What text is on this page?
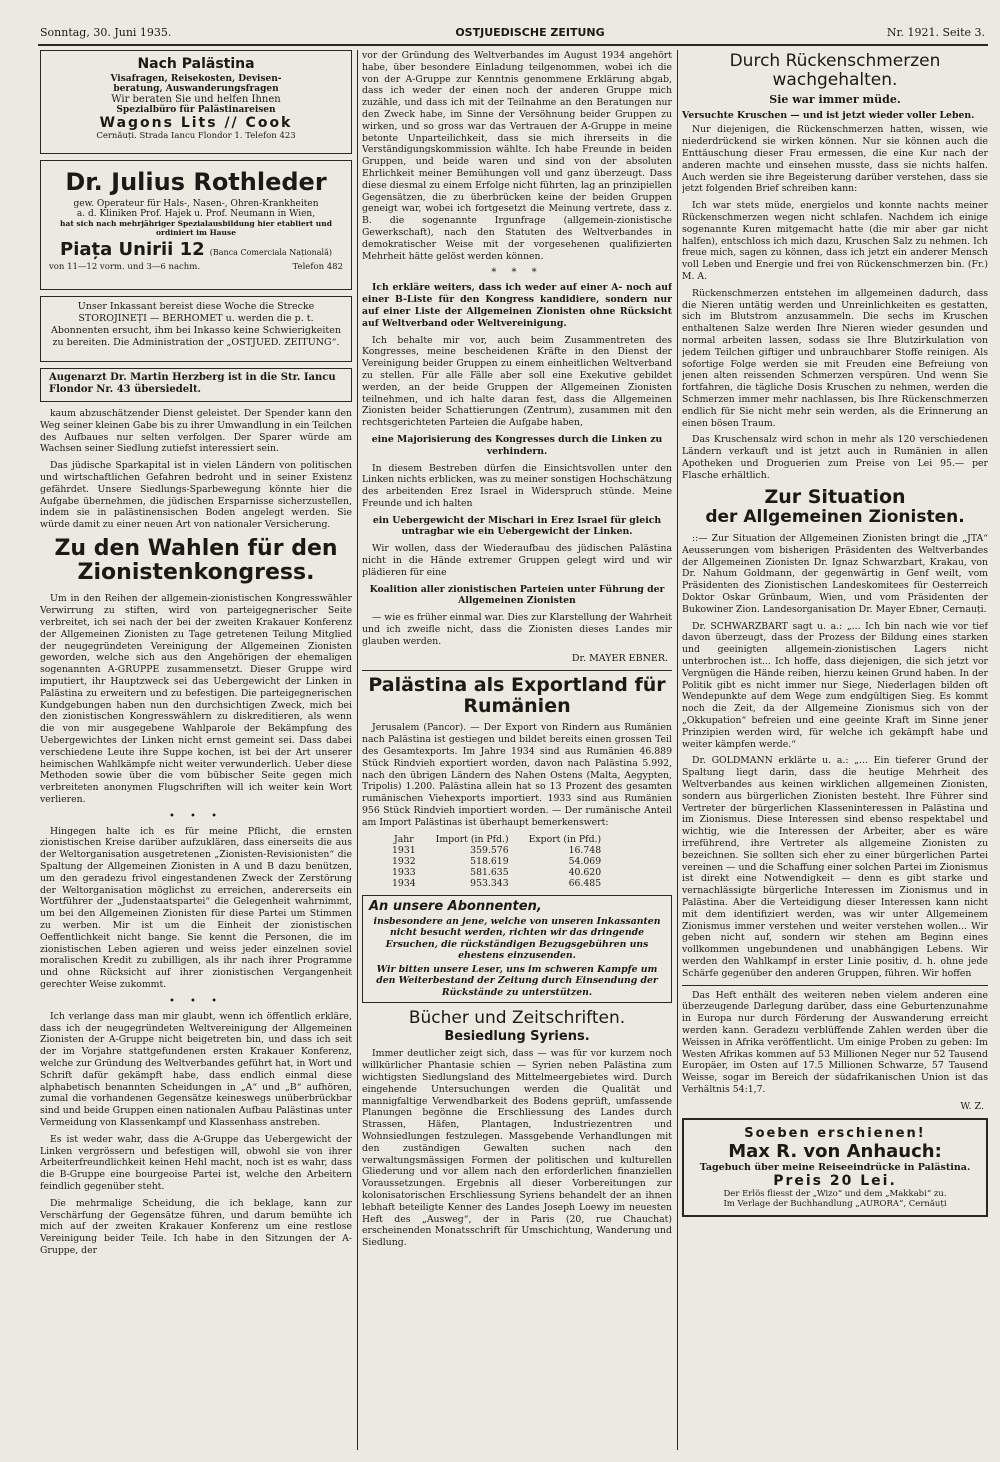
Sonntag, 30. Juni 1935.	OSTJUEDISCHE ZEITUNG	Nr. 1921. Seite 3.
Nach Palästina
Visafragen, Reisekosten, Devisen-
beratung, Auswanderungsfragen
Wir beraten Sie und helfen Ihnen
Spezialbüro für Palästinareisen
Wagons Lits // Cook
Cernăuți. Strada Iancu Flondor 1. Telefon 423
Dr. Julius Rothleder
gew. Operateur für Hals-, Nasen-, Ohren-Krankheiten
a. d. Kliniken Prof. Hajek u. Prof. Neumann in Wien,
hat sich nach mehrjähriger Spezialausbildung hier etabliert und ordiniert im Hause
Piața Unirii 12 (Banca Comerciala Națională)
von 11—12 vorm. und 3—6 nachm.	Telefon 482
Unser Inkassant bereist diese Woche die Strecke STOROJINEȚI — BERHOMET u. werden die p. t. Abonnenten ersucht, ihm bei Inkasso keine Schwierigkeiten zu bereiten. Die Administration der „OSTJUED. ZEITUNG“.
Augenarzt Dr. Martin Herzberg ist in die Str. Iancu Flondor Nr. 43 übersiedelt.

kaum abzuschätzender Dienst geleistet. Der Spender kann den Weg seiner kleinen Gabe bis zu ihrer Umwandlung in ein Teilchen des Aufbaues nur selten verfolgen. Der Sparer würde am Wachsen seiner Siedlung zutiefst interessiert sein.

Das jüdische Sparkapital ist in vielen Ländern von politischen und wirtschaftlichen Gefahren bedroht und in seiner Existenz gefährdet. Unsere Siedlungs-Sparbewegung könnte hier die Aufgabe übernehmen, die jüdischen Ersparnisse sicherzustellen, indem sie in palästinensischen Boden angelegt werden. Sie würde damit zu einer neuen Art von nationaler Versicherung.

Zu den Wahlen für den Zionistenkongress.

Um in den Reihen der allgemein-zionistischen Kongresswähler Verwirrung zu stiften, wird von parteigegnerischer Seite verbreitet, ich sei nach der bei der zweiten Krakauer Konferenz der Allgemeinen Zionisten zu Tage getretenen Teilung Mitglied der neugegründeten Vereinigung der Allgemeinen Zionisten geworden, welche sich aus den Angehörigen der ehemaligen sogenannten A-GRUPPE zusammensetzt. Dieser Gruppe wird imputiert, ihr Hauptzweck sei das Uebergewicht der Linken in Palästina zu erweitern und zu befestigen. Die parteigegnerischen Kundgebungen haben nun den durchsichtigen Zweck, mich bei den zionistischen Kongresswählern zu diskreditieren, als wenn die von mir ausgegebene Wahlparole der Bekämpfung des Uebergewichtes der Linken nicht ernst gemeint sei. Dass dabei verschiedene Leute ihre Suppe kochen, ist bei der Art unserer heimischen Wahlkämpfe nicht weiter verwunderlich. Ueber diese Methoden sowie über die vom bübischer Seite gegen mich verbreiteten anonymen Flugschriften will ich weiter kein Wort verlieren.

• • •

Hingegen halte ich es für meine Pflicht, die ernsten zionistischen Kreise darüber aufzuklären, dass einerseits die aus der Weltorganisation ausgetretenen „Zionisten-Revisionisten“ die Spaltung der Allgemeinen Zionisten in A und B dazu benützen, um den geradezu frivol eingestandenen Zweck der Zerstörung der Weltorganisation möglichst zu erreichen, andererseits ein Wortführer der „Judenstaatspartei“ die Gelegenheit wahrnimmt, um bei den Allgemeinen Zionisten für diese Partei um Stimmen zu werben. Mir ist um die Einheit der zionistischen Oeffentlichkeit nicht bange. Sie kennt die Personen, die im zionistischen Leben agieren und weiss jeder einzelnen soviel moralischen Kredit zu zubilligen, als ihr nach ihrer Programme und ohne Rücksicht auf ihrer zionistischen Vergangenheit gerechter Weise zukommt.

• • •

Ich verlange dass man mir glaubt, wenn ich öffentlich erkläre, dass ich der neugegründeten Weltvereinigung der Allgemeinen Zionisten der A-Gruppe nicht beigetreten bin, und dass ich seit der im Vorjahre stattgefundenen ersten Krakauer Konferenz, welche zur Gründung des Weltverbandes geführt hat, in Wort und Schrift dafür gekämpft habe, dass endlich einmal diese alphabetisch benannten Scheidungen in „A“ und „B“ aufhören, zumal die vorhandenen Gegensätze keineswegs unüberbrückbar sind und beide Gruppen einen nationalen Aufbau Palästinas unter Vermeidung von Klassenkampf und Klassenhass anstreben.

Es ist weder wahr, dass die A-Gruppe das Uebergewicht der Linken vergrössern und befestigen will, obwohl sie von ihrer Arbeiterfreundlichkeit keinen Hehl macht, noch ist es wahr, dass die B-Gruppe eine bourgeoise Partei ist, welche den Arbeitern feindlich gegenüber steht.

Die mehrmalige Scheidung, die ich beklage, kann zur Verschärfung der Gegensätze führen, und darum bemühte ich mich auf der zweiten Krakauer Konferenz um eine restlose Vereinigung beider Teile. Ich habe in den Sitzungen der A-Gruppe, der

vor der Gründung des Weltverbandes im August 1934 angehört habe, über besondere Einladung teilgenommen, wobei ich die von der A-Gruppe zur Kenntnis genommene Erklärung abgab, dass ich weder der einen noch der anderen Gruppe mich zuzähle, und dass ich mit der Teilnahme an den Beratungen nur den Zweck habe, im Sinne der Versöhnung beider Gruppen zu wirken, und so gross war das Vertrauen der A-Gruppe in meine betonte Unparteilichkeit, dass sie mich ihrerseits in die Verständigungskommission wählte. Ich habe Freunde in beiden Gruppen, und beide waren und sind von der absoluten Ehrlichkeit meiner Bemühungen voll und ganz überzeugt. Dass diese diesmal zu einem Erfolge nicht führten, lag an prinzipiellen Gegensätzen, die zu überbrücken keine der beiden Gruppen geneigt war, wobei ich fortgesetzt die Meinung vertrete, dass z. B. die sogenannte Irgunfrage (allgemein-zionistische Gewerkschaft), nach den Statuten des Weltverbandes in demokratischer Weise mit der vorgesehenen qualifizierten Mehrheit hätte gelöst werden können.

* * *

Ich erkläre weiters, dass ich weder auf einer A- noch auf einer B-Liste für den Kongress kandidiere, sondern nur auf einer Liste der Allgemeinen Zionisten ohne Rücksicht auf Weltverband oder Weltvereinigung.

Ich behalte mir vor, auch beim Zusammentreten des Kongresses, meine bescheidenen Kräfte in den Dienst der Vereinigung beider Gruppen zu einem einheitlichen Weltverband zu stellen. Für alle Fälle aber soll eine Exekutive gebildet werden, an der beide Gruppen der Allgemeinen Zionisten teilnehmen, und ich halte daran fest, dass die Allgemeinen Zionisten beider Schattierungen (Zentrum), zusammen mit den rechtsgerichteten Parteien die Aufgabe haben,

eine Majorisierung des Kongresses durch die Linken zu verhindern.

In diesem Bestreben dürfen die Einsichtsvollen unter den Linken nichts erblicken, was zu meiner sonstigen Hochschätzung des arbeitenden Erez Israel in Widerspruch stünde. Meine Freunde und ich halten

ein Uebergewicht der Mischari in Erez Israel für gleich untragbar wie ein Uebergewicht der Linken.

Wir wollen, dass der Wiederaufbau des jüdischen Palästina nicht in die Hände extremer Gruppen gelegt wird und wir plädieren für eine

Koalition aller zionistischen Parteien unter Führung der Allgemeinen Zionisten

— wie es früher einmal war. Dies zur Klarstellung der Wahrheit und ich zweifle nicht, dass die Zionisten dieses Landes mir glauben werden.

Dr. MAYER EBNER.
Palästina als Exportland für Rumänien

Jerusalem (Pancor). — Der Export von Rindern aus Rumänien nach Palästina ist gestiegen und bildet bereits einen grossen Teil des Gesamtexports. Im Jahre 1934 sind aus Rumänien 46.889 Stück Rindvieh exportiert worden, davon nach Palästina 5.992, nach den übrigen Ländern des Nahen Ostens (Malta, Aegypten, Tripolis) 1.200. Palästina allein hat so 13 Prozent des gesamten rumänischen Viehexports importiert. 1933 sind aus Rumänien 956 Stück Rindvieh importiert worden. — Der rumänische Anteil am Import Palästinas ist überhaupt bemerkenswert:

Jahr	Import (in Pfd.)	Export (in Pfd.)
1931	359.576	16.748
1932	518.619	54.069
1933	581.635	40.620
1934	953.343	66.485
An unsere Abonnenten,
insbesondere an jene, welche von unseren Inkassanten nicht besucht werden, richten wir das dringende Ersuchen, die rückständigen Bezugsgebühren uns ehestens einzusenden.
Wir bitten unsere Leser, uns im schweren Kampfe um den Weiterbestand der Zeitung durch Einsendung der Rückstände zu unterstützen.
Bücher und Zeitschriften.
Besiedlung Syriens.

Immer deutlicher zeigt sich, dass — was für vor kurzem noch willkürlicher Phantasie schien — Syrien neben Palästina zum wichtigsten Siedlungsland des Mittelmeergebietes wird. Durch eingehende Untersuchungen werden die Qualität und mannigfaltige Verwendbarkeit des Bodens geprüft, umfassende Planungen begönne die Erschliessung des Landes durch Strassen, Häfen, Plantagen, Industriezentren und Wohnsiedlungen festzulegen. Massgebende Verhandlungen mit den zuständigen Gewalten suchen nach den verwaltungsmässigen Formen der politischen und kulturellen Gliederung und vor allem nach den erforderlichen finanziellen Voraussetzungen. Ergebnis all dieser Vorbereitungen zur kolonisatorischen Erschliessung Syriens behandelt der an ihnen lebhaft beteiligte Kenner des Landes Joseph Loewy im neuesten Heft des „Ausweg“, der in Paris (20, rue Chauchat) erscheinenden Monatsschrift für Umschichtung, Wanderung und Siedlung.

Durch Rückenschmerzen wachgehalten.
Sie war immer müde.
Versuchte Kruschen — und ist jetzt wieder voller Leben.

Nur diejenigen, die Rückenschmerzen hatten, wissen, wie niederdrückend sie wirken können. Nur sie können auch die Enttäuschung dieser Frau ermessen, die eine Kur nach der anderen machte und einsehen musste, dass sie nichts halfen. Auch werden sie ihre Begeisterung darüber verstehen, dass sie jetzt folgenden Brief schreiben kann:

Ich war stets müde, energielos und konnte nachts meiner Rückenschmerzen wegen nicht schlafen. Nachdem ich einige sogenannte Kuren mitgemacht hatte (die mir aber gar nicht halfen), entschloss ich mich dazu, Kruschen Salz zu nehmen. Ich freue mich, sagen zu können, dass ich jetzt ein anderer Mensch voll Leben und Energie und frei von Rückenschmerzen bin. (Fr.) M. A.

Rückenschmerzen entstehen im allgemeinen dadurch, dass die Nieren untätig werden und Unreinlichkeiten es gestatten, sich im Blutstrom anzusammeln. Die sechs im Kruschen enthaltenen Salze werden Ihre Nieren wieder gesunden und normal arbeiten lassen, sodass sie Ihre Blutzirkulation von jedem Teilchen giftiger und unbrauchbarer Stoffe reinigen. Als sofortige Folge werden sie mit Freuden eine Befreiung von jenen alten reissenden Schmerzen verspüren. Und wenn Sie fortfahren, die tägliche Dosis Kruschen zu nehmen, werden die Schmerzen immer mehr nachlassen, bis Ihre Rückenschmerzen endlich für Sie nicht mehr sein werden, als die Erinnerung an einen bösen Traum.

Das Kruschensalz wird schon in mehr als 120 verschiedenen Ländern verkauft und ist jetzt auch in Rumänien in allen Apotheken und Droguerien zum Preise von Lei 95.— per Flasche erhältlich.

Zur Situation
der Allgemeinen Zionisten.

::— Zur Situation der Allgemeinen Zionisten bringt die „JTA“ Aeusserungen vom bisherigen Präsidenten des Weltverbandes der Allgemeinen Zionisten Dr. Ignaz Schwarzbart, Krakau, von Dr. Nahum Goldmann, der gegenwärtig in Genf weilt, vom Präsidenten des Zionistischen Landeskomitees für Oesterreich Doktor Oskar Grünbaum, Wien, und vom Präsidenten der Bukowiner Zion. Landesorganisation Dr. Mayer Ebner, Cernauți.

Dr. SCHWARZBART sagt u. a.: „... Ich bin nach wie vor tief davon überzeugt, dass der Prozess der Bildung eines starken und geeinigten allgemein-zionistischen Lagers nicht unterbrochen ist... Ich hoffe, dass diejenigen, die sich jetzt vor Vergnügen die Hände reiben, hierzu keinen Grund haben. In der Politik gibt es nicht immer nur Siege, Niederlagen bilden oft Wendepunkte auf dem Wege zum endgültigen Sieg. Es kommt noch die Zeit, da der Allgemeine Zionismus sich von der „Okkupation“ befreien und eine geeinte Kraft im Sinne jener Prinzipien werden wird, für welche ich gekämpft habe und weiter kämpfen werde.“

Dr. GOLDMANN erklärte u. a.: „... Ein tieferer Grund der Spaltung liegt darin, dass die heutige Mehrheit des Weltverbandes aus keinen wirklichen allgemeinen Zionisten, sondern aus bürgerlichen Zionisten besteht. Ihre Führer sind Vertreter der bürgerlichen Klasseninteressen in Palästina und im Zionismus. Diese Interessen sind ebenso respektabel und wichtig, wie die Interessen der Arbeiter, aber es wäre irreführend, ihre Vertreter als allgemeine Zionisten zu bezeichnen. Sie sollten sich eher zu einer bürgerlichen Partei vereinen — und die Schaffung einer solchen Partei im Zionismus ist direkt eine Notwendigkeit — denn es gibt starke und vernachlässigte bürgerliche Interessen im Zionismus und in Palästina. Aber die Verteidigung dieser Interessen kann nicht mit dem identifiziert werden, was wir unter Allgemeinem Zionismus immer verstehen und weiter verstehen wollen... Wir geben nicht auf, sondern wir stehen am Beginn eines vollkommen ungebundenen und unabhängigen Lebens. Wir werden den Wahlkampf in erster Linie positiv, d. h. ohne jede Schärfe gegenüber den anderen Gruppen, führen. Wir hoffen

Das Heft enthält des weiteren neben vielem anderen eine überzeugende Darlegung darüber, dass eine Geburtenzunahme in Europa nur durch Förderung der Auswanderung erreicht werden kann. Geradezu verblüffende Zahlen werden über die Weissen in Afrika veröffentlicht. Um einige Proben zu geben: Im Westen Afrikas kommen auf 53 Millionen Neger nur 52 Tausend Europäer, im Osten auf 17.5 Millionen Schwarze, 57 Tausend Weisse, sogar im Bereich der südafrikanischen Union ist das Verhältnis 54:1,7.

W. Z.
Soeben erschienen!
Max R. von Anhauch:
Tagebuch über meine Reiseeindrücke in Palästina.
Preis 20 Lei.
Der Erlös fliesst der „Wizo“ und dem „Makkabi“ zu.
Im Verlage der Buchhandlung „AURORA“, Cernăuți
